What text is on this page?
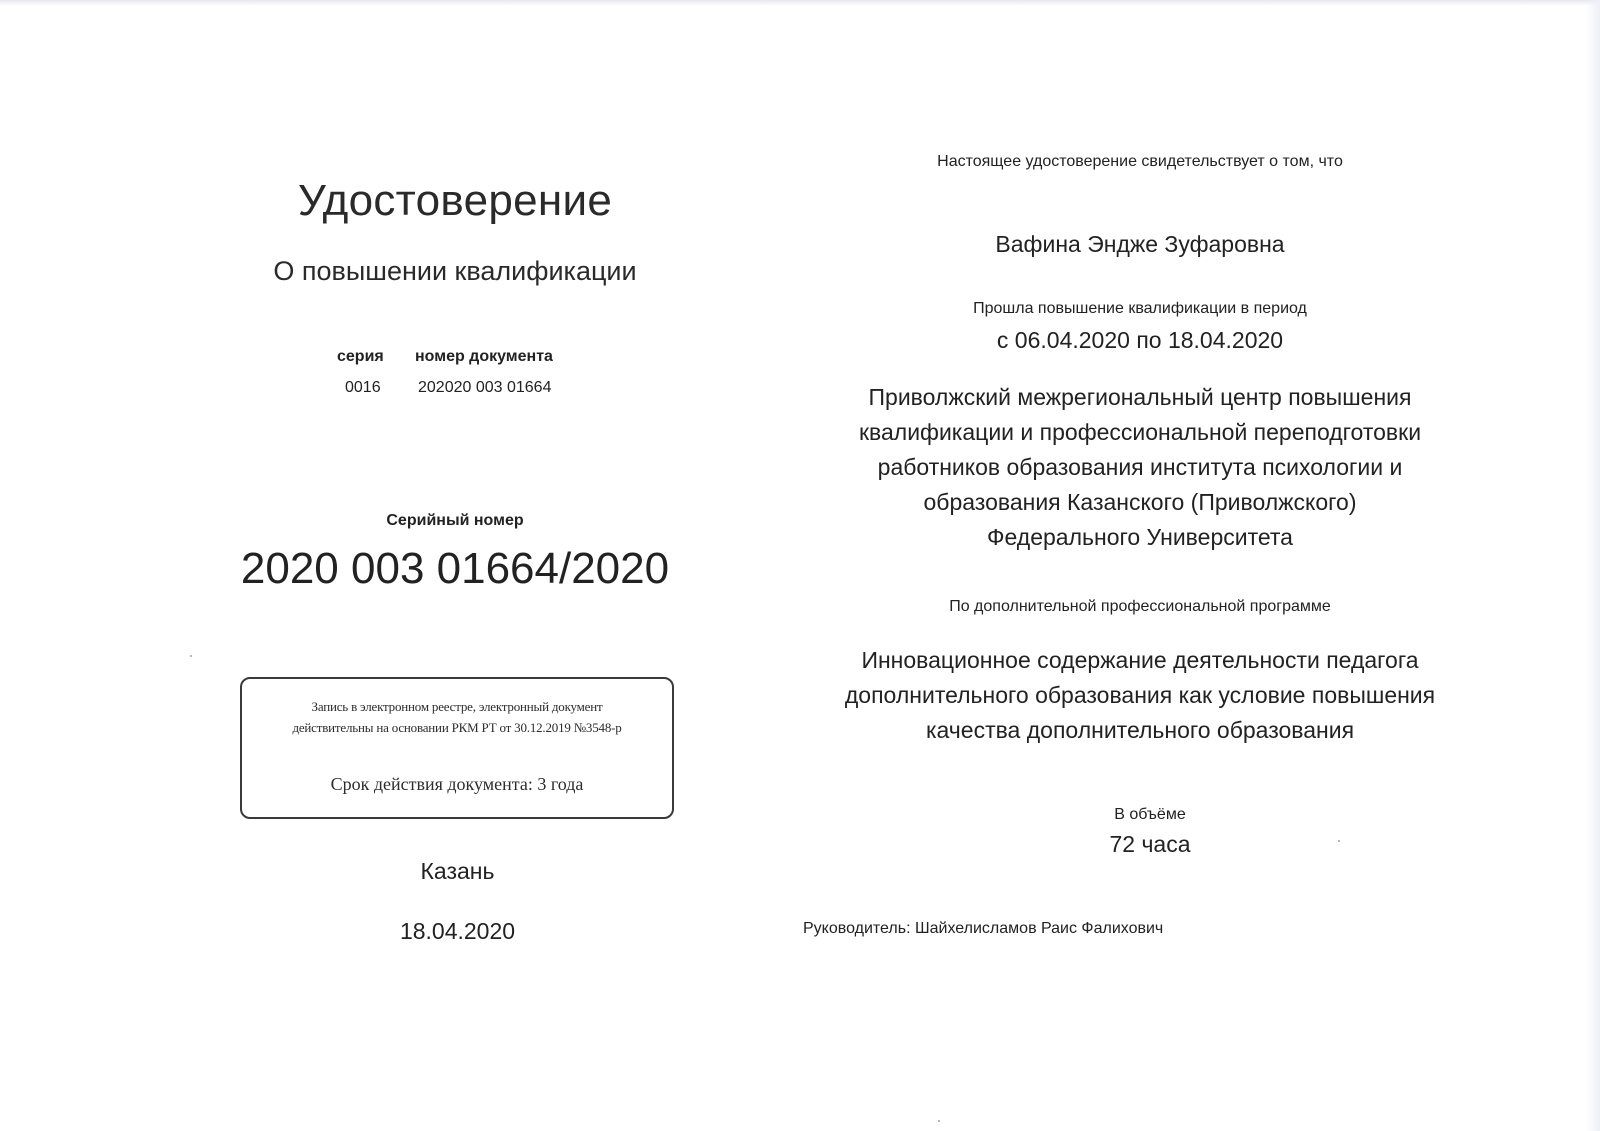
Удостоверение
О повышении квалификации
серия номер документа
0016 202020 003 01664
Серийный номер
2020 003 01664/2020
Запись в электронном реестре, электронный документ
действительны на основании РКМ РТ от 30.12.2019 №3548-р
Срок действия документа: 3 года
Казань
18.04.2020
Настоящее удостоверение свидетельствует о том, что
Вафина Эндже Зуфаровна
Прошла повышение квалификации в период
с 06.04.2020 по 18.04.2020
Приволжский межрегиональный центр повышения
квалификации и профессиональной переподготовки
работников образования института психологии и
образования Казанского (Приволжского)
Федерального Университета
По дополнительной профессиональной программе
Инновационное содержание деятельности педагога
дополнительного образования как условие повышения
качества дополнительного образования
В объёме
72 часа
Руководитель: Шайхелисламов Раис Фалихович
